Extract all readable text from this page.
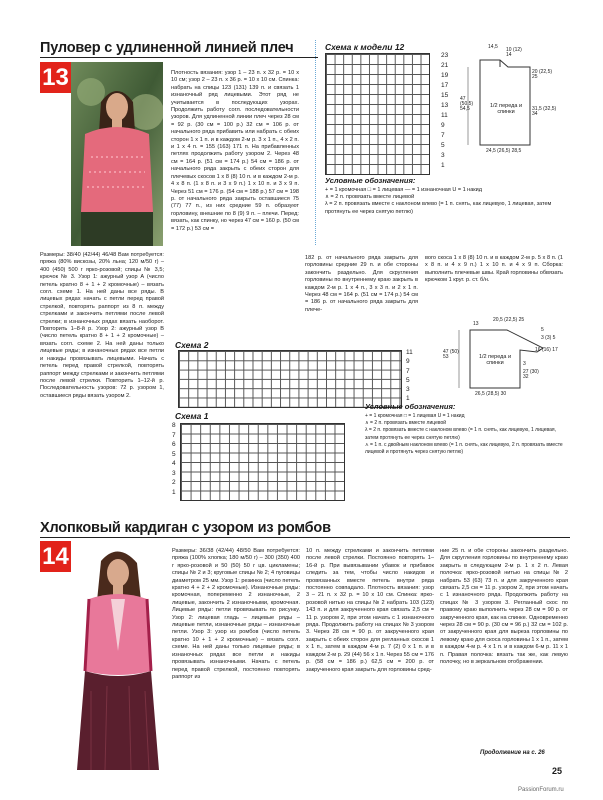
Пуловер с удлиненной линией плеч
13
Размеры: 38/40 (42/44) 46/48 Вам потребуется: пряжа (80% вискозы, 20% льна; 120 м/50 г) – 400 (450) 500 г ярко-розовой; спицы № 3,5; крючок № 3. Узор 1: ажурный узор А (число петель кратно 8 + 1 + 2 кромочные) – вязать согл. схеме 1. На ней даны все ряды. В лицевых рядах начать с петли перед правой стрелкой, повторять раппорт из 8 п. между стрелками и закончить петлями после левой стрелки; в изнаночных рядах вязать наоборот. Повторить 1–8-й р. Узор 2: ажурный узор В (число петель кратно 8 + 1 + 2 кромочные) – вязать согл. схеме 2. На ней даны только лицевые ряды; в изнаночных рядах все петли и накиды провязывать лицевыми. Начать с петель перед правой стрелкой, повторять раппорт между стрелками и закончить петлями после левой стрелки. Повторить 1–12-й р. Последовательность узоров: 72 р. узором 1, оставшиеся ряды вязать узором 2.
Плотность вязания: узор 1 – 23 п. х 32 р. = 10 х 10 см; узор 2 – 23 п. х 36 р. = 10 х 10 см. Спинка: набрать на спицы 123 (131) 139 п. и связать 1 изнаночный ряд лицевыми. Этот ряд не учитывается в последующих узорах. Продолжить работу согл. последовательности узоров. Для удлиненной линии плеч через 28 см = 92 р. (30 см = 100 р.) 32 см = 106 р. от начального ряда прибавить или набрать с обеих сторон 1 х 1 п. и в каждом 2-м р. 3 х 1 п., 4 х 2 п. и 1 х 4 п. = 155 (163) 171 п. На прибавленных петлях продолжить работу узором 2. Через 48 см = 164 р. (51 см = 174 р.) 54 см = 186 р. от начального ряда закрыть с обеих сторон для плечевых скосов 1 х 8 (8) 10 п. и в каждом 2-м р. 4 х 8 п. (1 х 8 п. и 3 х 9 п.) 1 х 10 п. и 3 х 9 п. Через 51 см = 176 р. (54 см = 188 р.) 57 см = 198 р. от начального ряда закрыть оставшиеся 75 (77) 77 п., из них средние 59 п. образуют горловину, внешние по 8 (9) 9 п. – плечи. Перед: вязать, как спинку, но через 47 см = 160 р. (50 см = 172 р.) 53 см =
182 р. от начального ряда закрыть для горловины средние 29 п. и обе стороны закончить раздельно. Для скругления горловины по внутреннему краю закрыть в каждом 2-м р. 1 х 4 п., 3 х 3 п. и 2 х 1 п. Через 48 см = 164 р. (51 см = 174 р.) 54 см = 186 р. от начального ряда закрыть для плече-
вого скоса 1 х 8 (8) 10 п. и в каждом 2-м р. 5 х 8 п. (1 х 8 п. и 4 х 9 п.) 1 х 10 п. и 4 х 9 п. Сборка: выполнить плечевые швы. Край горловины обвязать крючком 1 круг. р. ст. б/н.
Схема к модели 12
23
21
19
17
15
13
11
9
7
5
3
1
14,5 10 (12) 14
20 (22,5) 25
47 (50,5) 54,5	31,5 (32,5) 34
24,5 (26,5) 28,5
1/2 переда и спинки
Условные обозначения:
+ = 1 кромочная □ = 1 лицевая — = 1 изнаночная U = 1 накид
∧ = 2 п. провязать вместе лицевой
λ = 2 п. провязать вместе с наклоном влево (= 1 п. снять, как лицевую, 1 лицевая, затем протянуть ее через снятую петлю)
13
20,5 (22,5) 25
5
3 (3) 5
16 (16) 17
47 (50) 53
3
27 (30) 32
26,5 (28,5) 30
1/2 переда и спинки
Схема 2
11
9
7
5
3
1
Схема 1
8
7
6
5
4
3
2
1
Условные обозначения:
+ = 1 кромочная □ = 1 лицевая U = 1 накид
∧ = 2 п. провязать вместе лицевой
λ = 2 п. провязать вместе с наклоном влево (= 1 п. снять, как лицевую, 1 лицевая, затем протянуть ее через снятую петлю)
⋏ = 1 п. с двойным наклоном влево (= 1 п. снять, как лицевую, 2 п. провязать вместе лицевой и протянуть через снятую петлю)
Хлопковый кардиган с узором из ромбов
14	Размеры: 36/38 (42/44) 48/50 Вам потребуется: пряжа (100% хлопка; 180 м/50 г) – 300 (350) 400 г ярко-розовой и 50 (50) 50 г цв. цикламены; спицы № 2 и 3; круговые спицы № 2; 4 пуговицы диаметром 25 мм. Узор 1: резинка (число петель кратно 4 + 2 + 2 кромочные). Изнаночные ряды: кромочная, попеременно 2 изнаночные, 2 лицевые, закончить 2 изнаночными, кромочная. Лицевые ряды: петли провязывать по рисунку. Узор 2: лицевая гладь – лицевые ряды – лицевые петли, изнаночные ряды – изнаночные петли. Узор 3: узор из ромбов (число петель кратно 10 + 1 + 2 кромочные) – вязать согл. схеме. На ней даны только лицевые ряды; в изнаночных рядах все петли и накиды провязывать изнаночными. Начать с петель перед правой стрелкой, постоянно повторять раппорт из
10 п. между стрелками и закончить петлями после левой стрелки. Постоянно повторять 1–16-й р. При вывязывании убавок и прибавок следить за тем, чтобы число накидов и провязанных вместе петель внутри ряда постоянно совпадало. Плотность вязания: узор 3 – 21 п. х 32 р. = 10 х 10 см. Спинка: ярко-розовой нитью на спицы № 2 набрать 103 (123) 143 п. и для закрученного края связать 2,5 см = 11 р. узором 2, при этом начать с 1 изнаночного ряда. Продолжить работу на спицах № 3 узором 3. Через 28 см = 90 р. от закрученного края закрыть с обеих сторон для регланных скосов 1 х 1 п., затем в каждом 4-м р. 7 (2) 0 х 1 п. и в каждом 2-м р. 29 (44) 56 х 1 п. Через 55 см = 176 р. (58 см = 186 р.) 62,5 см = 200 р. от закрученного края закрыть для горловины сред-
ние 25 п. и обе стороны закончить раздельно. Для скругления горловины по внутреннему краю закрыть в следующем 2-м р. 1 х 2 п. Левая полочка: ярко-розовой нитью на спицы № 2 набрать 53 (63) 73 п. и для закрученного края связать 2,5 см = 11 р. узором 2, при этом начать с 1 изнаночного ряда. Продолжить работу на спицах № 3 узором 3. Регланный скос по правому краю выполнить через 28 см = 90 р. от закрученного края, как на спинке. Одновременно через 28 см = 90 р. (30 см = 96 р.) 32 см = 102 р. от закрученного края для выреза горловины по левому краю для скоса горловины 1 х 1 п., затем в каждом 4-м р. 4 х 1 п. и в каждом 6-м р. 11 х 1 п. Правая полочка: вязать так же, как левую полочку, но в зеркальном отображении.
Продолжение на с. 26
25
PassionForum.ru
